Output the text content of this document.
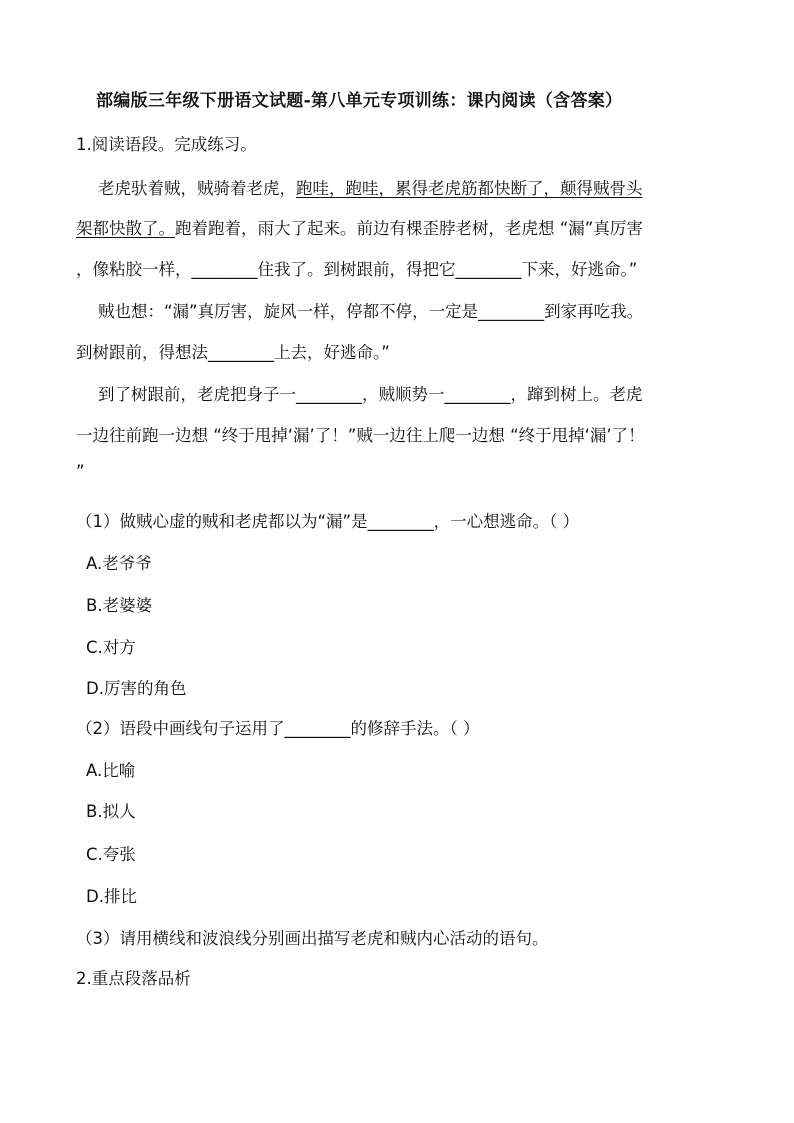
部编版三年级下册语文试题-第八单元专项训练：课内阅读（含答案）
1.阅读语段。完成练习。
老虎驮着贼，贼骑着老虎，跑哇，跑哇，累得老虎筋都快断了，颠得贼骨头
架都快散了。跑着跑着，雨大了起来。前边有棵歪脖老树，老虎想 “漏”真厉害
，像粘胶一样，________住我了。到树跟前，得把它________下来，好逃命。”
贼也想：“漏”真厉害，旋风一样，停都不停，一定是________到家再吃我。
到树跟前，得想法________上去，好逃命。”
到了树跟前，老虎把身子一________，贼顺势一________，蹿到树上。老虎
一边往前跑一边想 “终于甩掉‘漏’了！”贼一边往上爬一边想 “终于甩掉‘漏’了！
”
（1）做贼心虚的贼和老虎都以为“漏”是________，一心想逃命。（ ）
A.老爷爷
B.老婆婆
C.对方
D.厉害的角色
（2）语段中画线句子运用了________的修辞手法。（ ）
A.比喻
B.拟人
C.夸张
D.排比
（3）请用横线和波浪线分别画出描写老虎和贼内心活动的语句。
2.重点段落品析
